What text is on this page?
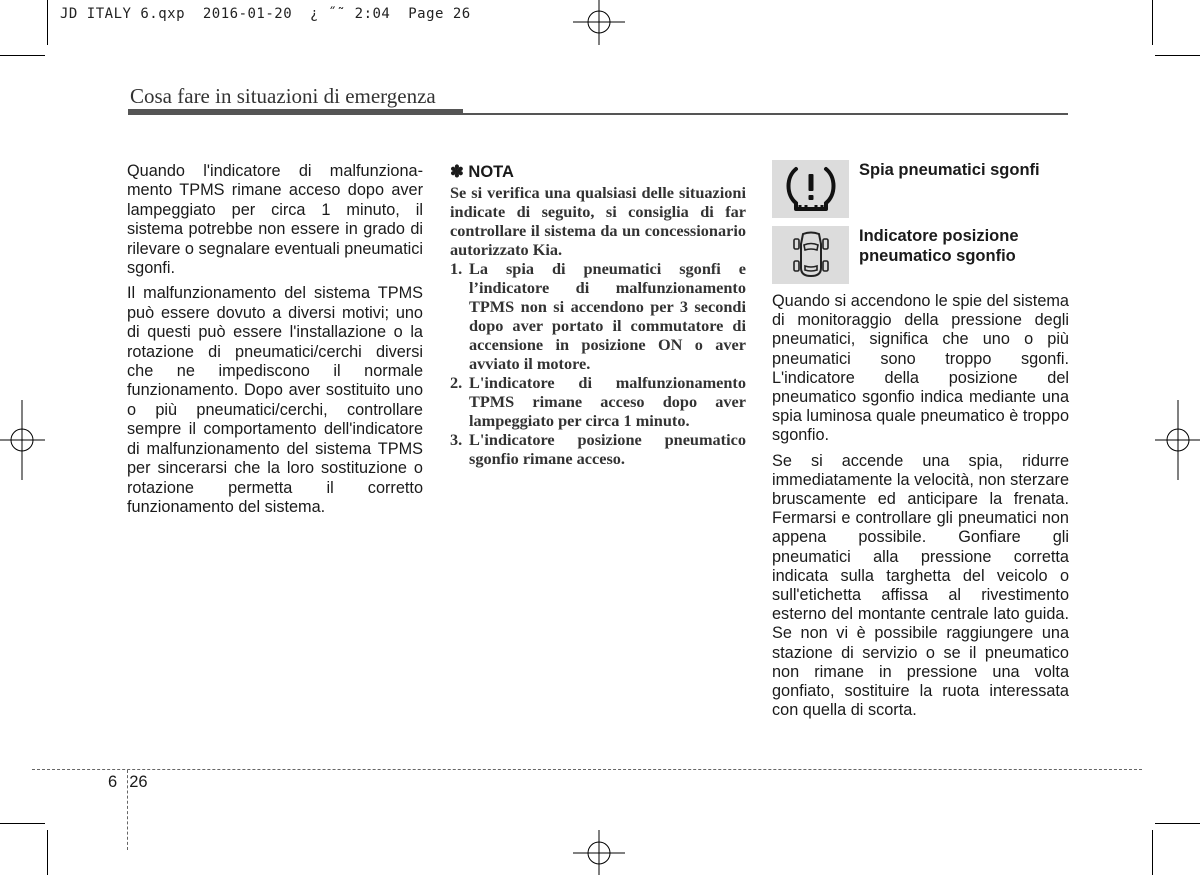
JD ITALY 6.qxp  2016-01-20  ¿ ˝˜ 2:04  Page 26
Cosa fare in situazioni di emergenza

Quando l'indicatore di malfunziona-mento TPMS rimane acceso dopo aver lampeggiato per circa 1 minuto, il sistema potrebbe non essere in grado di rilevare o segnalare eventuali pneumatici sgonfi.

Il malfunzionamento del sistema TPMS può essere dovuto a diversi motivi; uno di questi può essere l'installazione o la rotazione di pneumatici/cerchi diversi che ne impediscono il normale funzionamento. Dopo aver sostituito uno o più pneumatici/cerchi, controllare sempre il comportamento dell'indicatore di malfunzionamento del sistema TPMS per sincerarsi che la loro sostituzione o rotazione permetta il corretto funzionamento del sistema.

✽ NOTA

Se si verifica una qualsiasi delle situazioni indicate di seguito, si consiglia di far controllare il sistema da un concessionario autorizzato Kia.

1. La spia di pneumatici sgonfi e l’indicatore di malfunzionamento TPMS non si accendono per 3 secondi dopo aver portato il commutatore di accensione in posizione ON o aver avviato il motore.
2. L'indicatore di malfunzionamento TPMS rimane acceso dopo aver lampeggiato per circa 1 minuto.
3. L'indicatore posizione pneumatico sgonfio rimane acceso.
Spia pneumatici sgonfi
Indicatore posizione pneumatico sgonfio

Quando si accendono le spie del sistema di monitoraggio della pressione degli pneumatici, significa che uno o più pneumatici sono troppo sgonfi. L'indicatore della posizione del pneumatico sgonfio indica mediante una spia luminosa quale pneumatico è troppo sgonfio.

Se si accende una spia, ridurre immediatamente la velocità, non sterzare bruscamente ed anticipare la frenata. Fermarsi e controllare gli pneumatici non appena possibile. Gonfiare gli pneumatici alla pressione corretta indicata sulla targhetta del veicolo o sull'etichetta affissa al rivestimento esterno del montante centrale lato guida. Se non vi è possibile raggiungere una stazione di servizio o se il pneumatico non rimane in pressione una volta gonfiato, sostituire la ruota interessata con quella di scorta.

6 26
